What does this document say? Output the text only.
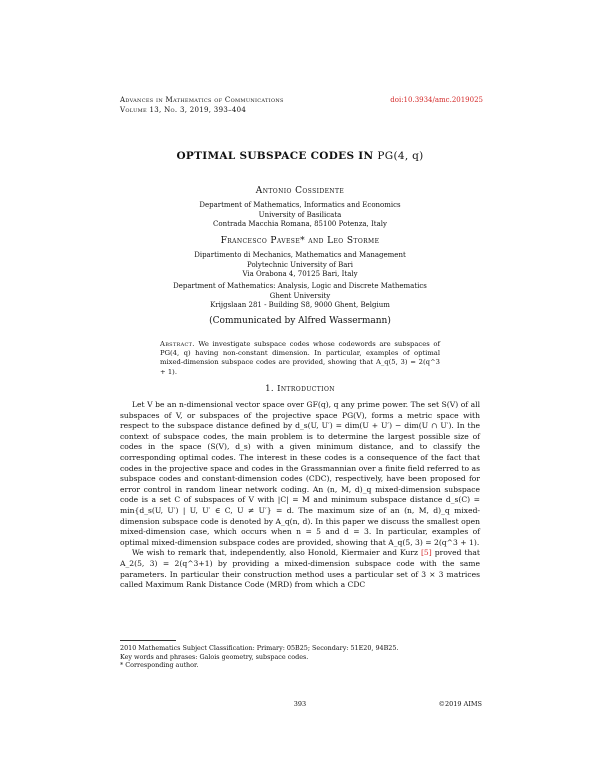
Advances in Mathematics of Communications
Volume 13, No. 3, 2019, 393–404
doi:10.3934/amc.2019025
OPTIMAL SUBSPACE CODES IN PG(4, q)
Antonio Cossidente
Department of Mathematics, Informatics and Economics
University of Basilicata
Contrada Macchia Romana, 85100 Potenza, Italy
Francesco Pavese* and Leo Storme
Dipartimento di Mechanics, Mathematics and Management
Polytechnic University of Bari
Via Orabona 4, 70125 Bari, Italy
Department of Mathematics: Analysis, Logic and Discrete Mathematics
Ghent University
Krijgslaan 281 - Building S8, 9000 Ghent, Belgium
(Communicated by Alfred Wassermann)
Abstract. We investigate subspace codes whose codewords are subspaces of PG(4, q) having non-constant dimension. In particular, examples of optimal mixed-dimension subspace codes are provided, showing that A_q(5, 3) = 2(q^3 + 1).
1. Introduction

Let V be an n-dimensional vector space over GF(q), q any prime power. The set S(V) of all subspaces of V, or subspaces of the projective space PG(V), forms a metric space with respect to the subspace distance defined by d_s(U, U′) = dim(U + U′) − dim(U ∩ U′). In the context of subspace codes, the main problem is to determine the largest possible size of codes in the space (S(V), d_s) with a given minimum distance, and to classify the corresponding optimal codes. The interest in these codes is a consequence of the fact that codes in the projective space and codes in the Grassmannian over a finite field referred to as subspace codes and constant-dimension codes (CDC), respectively, have been proposed for error control in random linear network coding. An (n, M, d)_q mixed-dimension subspace code is a set C of subspaces of V with |C| = M and minimum subspace distance d_s(C) = min{d_s(U, U′) | U, U′ ∈ C, U ≠ U′} = d. The maximum size of an (n, M, d)_q mixed-dimension subspace code is denoted by A_q(n, d). In this paper we discuss the smallest open mixed-dimension case, which occurs when n = 5 and d = 3. In particular, examples of optimal mixed-dimension subspace codes are provided, showing that A_q(5, 3) = 2(q^3 + 1).

We wish to remark that, independently, also Honold, Kiermaier and Kurz [5] proved that A_2(5, 3) = 2(q^3+1) by providing a mixed-dimension subspace code with the same parameters. In particular their construction method uses a particular set of 3 × 3 matrices called Maximum Rank Distance Code (MRD) from which a CDC

2010 Mathematics Subject Classification: Primary: 05B25; Secondary: 51E20, 94B25.
Key words and phrases: Galois geometry, subspace codes.
* Corresponding author.
393	©2019 AIMS
